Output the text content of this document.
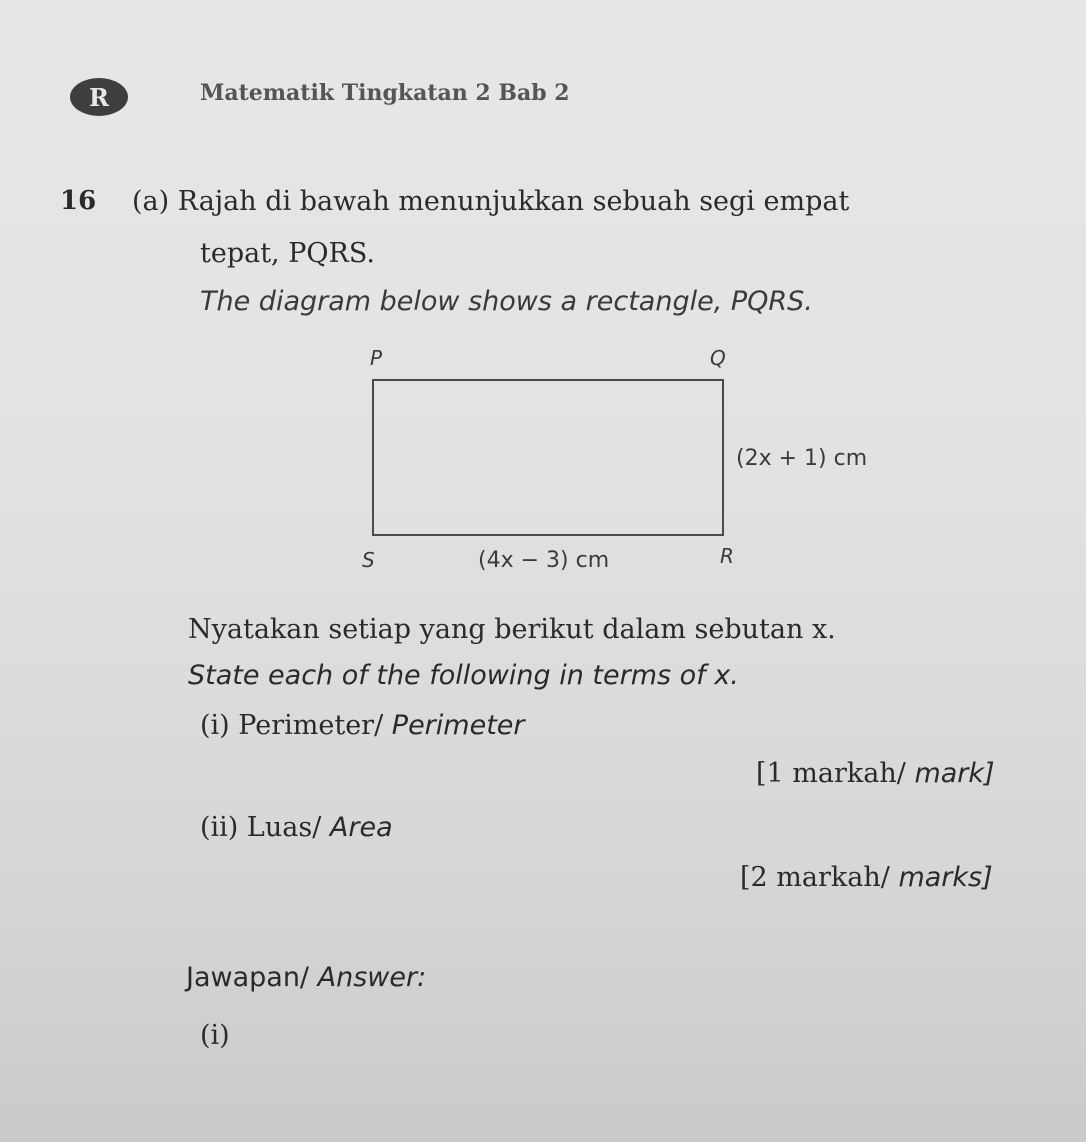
R	Matematik Tingkatan 2 Bab 2
16 (a) Rajah di bawah menunjukkan sebuah segi empat
tepat, PQRS.
The diagram below shows a rectangle, PQRS.
P	Q
S	R
(2x + 1) cm
(4x − 3) cm
Nyatakan setiap yang berikut dalam sebutan x.
State each of the following in terms of x.
(i) Perimeter/ Perimeter
[1 markah/ mark]
(ii) Luas/ Area
[2 markah/ marks]
Jawapan/ Answer:
(i)
